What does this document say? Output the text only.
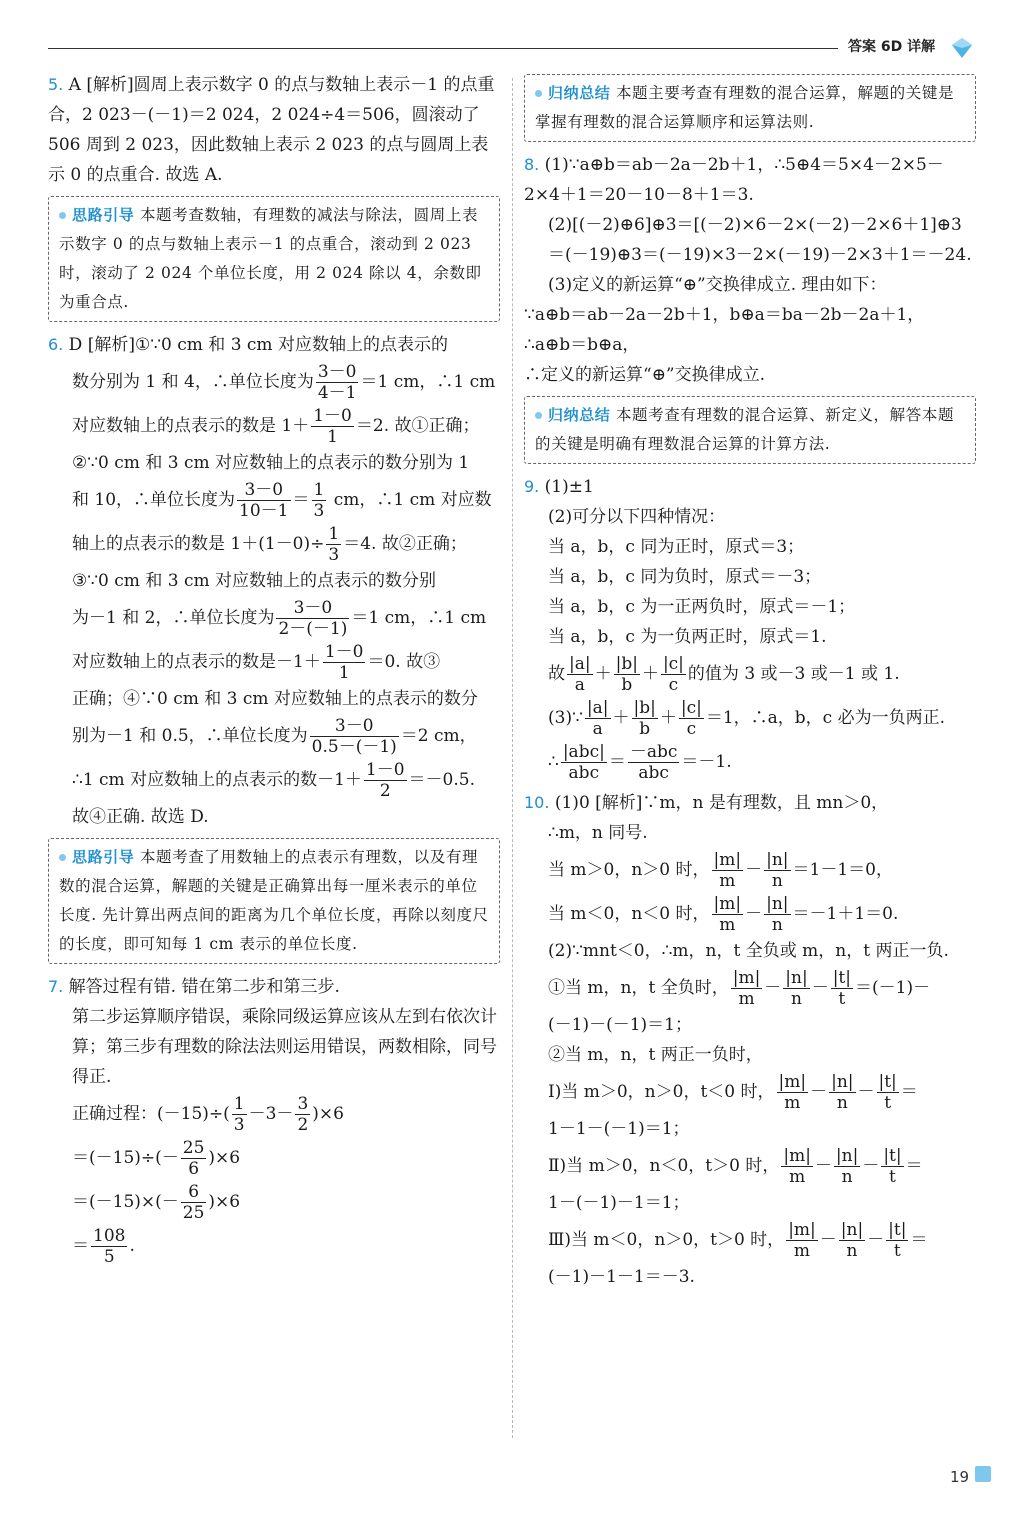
答案 6D 详解

5. A [解析]圆周上表示数字 0 的点与数轴上表示－1 的点重合，2 023－(－1)＝2 024，2 024÷4＝506，圆滚动了 506 周到 2 023，因此数轴上表示 2 023 的点与圆周上表示 0 的点重合. 故选 A.

思路引导 本题考查数轴，有理数的减法与除法，圆周上表示数字 0 的点与数轴上表示－1 的点重合，滚动到 2 023 时，滚动了 2 024 个单位长度，用 2 024 除以 4，余数即为重合点.

6. D [解析]①∵0 cm 和 3 cm 对应数轴上的点表示的

数分别为 1 和 4，∴单位长度为 $\frac{3-0}{4-1} =1$ cm，∴1 cm

对应数轴上的点表示的数是 $1+ \frac{1-0}{1} =2$. 故①正确；

②∵0 cm 和 3 cm 对应数轴上的点表示的数分别为 1

和 10，∴单位长度为 $\frac{3-0}{10-1} = \frac{1}{3}$ cm，∴1 cm 对应数

轴上的点表示的数是 $1+(1-0)\div \frac{1}{3} =4$. 故②正确；

③∵0 cm 和 3 cm 对应数轴上的点表示的数分别

为－1 和 2，∴单位长度为 $\frac{3-0}{2-(-1)} =1$ cm，∴1 cm

对应数轴上的点表示的数是$-1+ \frac{1-0}{1} =0$. 故③

正确；④∵0 cm 和 3 cm 对应数轴上的点表示的数分

别为－1 和 0.5，∴单位长度为 $\frac{3-0}{0.5-(-1)} =2$ cm，

∴1 cm 对应数轴上的点表示的数$-1+ \frac{1-0}{2} =-0.5$.

故④正确. 故选 D.

思路引导 本题考查了用数轴上的点表示有理数，以及有理数的混合运算，解题的关键是正确算出每一厘米表示的单位长度. 先计算出两点间的距离为几个单位长度，再除以刻度尺的长度，即可知每 1 cm 表示的单位长度.

7. 解答过程有错. 错在第二步和第三步.

第二步运算顺序错误，乘除同级运算应该从左到右依次计算；第三步有理数的除法法则运用错误，两数相除，同号得正.

正确过程：$(-15)\div( \frac{1}{3} -3- \frac{3}{2} )\times 6$

$=(-15)\div(- \frac{25}{6} )\times 6$

$=(-15)\times(- \frac{6}{25} )\times 6$

＝ $\frac{108}{5}$ .

归纳总结 本题主要考查有理数的混合运算，解题的关键是掌握有理数的混合运算顺序和运算法则.

8. (1)∵a⊕b＝ab－2a－2b＋1，∴5⊕4＝5×4－2×5－2×4＋1＝20－10－8＋1＝3.

(2)[(－2)⊕6]⊕3＝[(－2)×6－2×(－2)－2×6＋1]⊕3＝(－19)⊕3＝(－19)×3－2×(－19)－2×3＋1＝－24.

(3)定义的新运算“⊕”交换律成立. 理由如下：

∵a⊕b＝ab－2a－2b＋1，b⊕a＝ba－2b－2a＋1，

∴a⊕b＝b⊕a，

∴定义的新运算“⊕”交换律成立.

归纳总结 本题考查有理数的混合运算、新定义，解答本题的关键是明确有理数混合运算的计算方法.

9. (1)±1

(2)可分以下四种情况：

当 a，b，c 同为正时，原式＝3；

当 a，b，c 同为负时，原式＝－3；

当 a，b，c 为一正两负时，原式＝－1；

当 a，b，c 为一负两正时，原式＝1.

故 $\frac{|a|}{a} + \frac{|b|}{b} + \frac{|c|}{c}$ 的值为 3 或－3 或－1 或 1.

(3)∵ $\frac{|a|}{a} + \frac{|b|}{b} + \frac{|c|}{c} =1$，∴a，b，c 必为一负两正.

∴ $\frac{\text{|abc|}}{\text{abc}} = \frac{\text{－abc}}{\text{abc}} =-1$.

10. (1)0 [解析]∵m，n 是有理数，且 mn＞0，

∴m，n 同号.

当 m＞0，n＞0 时， $\frac{|m|}{m} - \frac{|n|}{n} =1-1=0$，

当 m＜0，n＜0 时， $\frac{|m|}{m} - \frac{|n|}{n} =-1+1=0$.

(2)∵mnt＜0，∴m，n，t 全负或 m，n，t 两正一负.

①当 m，n，t 全负时， $\frac{|m|}{m} - \frac{|n|}{n} - \frac{|t|}{t} =(-1)-$

(－1)－(－1)＝1；

②当 m，n，t 两正一负时，

Ⅰ)当 m＞0，n＞0，t＜0 时， $\frac{|m|}{m} - \frac{|n|}{n} - \frac{|t|}{t}$ ＝

1－1－(－1)＝1；

Ⅱ)当 m＞0，n＜0，t＞0 时， $\frac{|m|}{m} - \frac{|n|}{n} - \frac{|t|}{t}$ ＝

1－(－1)－1＝1；

Ⅲ)当 m＜0，n＞0，t＞0 时， $\frac{|m|}{m} - \frac{|n|}{n} - \frac{|t|}{t}$ ＝

(－1)－1－1＝－3.

19
